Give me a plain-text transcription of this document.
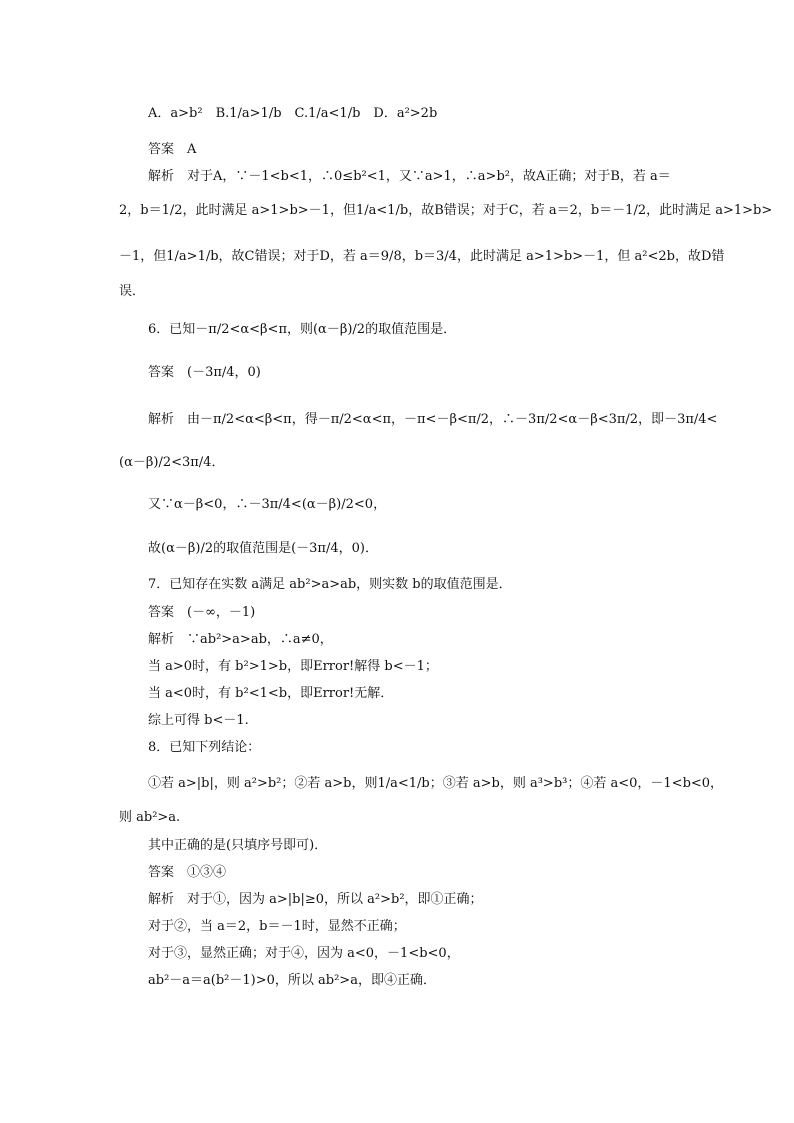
A．a>b²　B.1/a>1/b　C.1/a<1/b　D．a²>2b
答案　A
解析　对于A，∵－1<b<1，∴0≤b²<1，又∵a>1，∴a>b²，故A正确；对于B，若 a＝
2，b＝1/2，此时满足 a>1>b>－1，但1/a<1/b，故B错误；对于C，若 a＝2，b＝－1/2，此时满足 a>1>b>
－1，但1/a>1/b，故C错误；对于D，若 a＝9/8，b＝3/4，此时满足 a>1>b>－1，但 a²<2b，故D错
误．
6．已知－π/2<α<β<π，则(α－β)/2的取值范围是．
答案　(－3π/4，0)
解析　由－π/2<α<β<π，得－π/2<α<π，－π<－β<π/2，∴－3π/2<α－β<3π/2，即－3π/4<
(α－β)/2<3π/4．
又∵α－β<0，∴－3π/4<(α－β)/2<0，
故(α－β)/2的取值范围是(－3π/4，0)．
7．已知存在实数 a满足 ab²>a>ab，则实数 b的取值范围是．
答案　(－∞，－1)
解析　∵ab²>a>ab，∴a≠0，
当 a>0时，有 b²>1>b，即Error!解得 b<－1；
当 a<0时，有 b²<1<b，即Error!无解．
综上可得 b<－1.
8．已知下列结论：
①若 a>|b|，则 a²>b²；②若 a>b，则1/a<1/b；③若 a>b，则 a³>b³；④若 a<0，－1<b<0，
则 ab²>a.
其中正确的是(只填序号即可)．
答案　①③④
解析　对于①，因为 a>|b|≥0，所以 a²>b²，即①正确；
对于②，当 a＝2，b＝－1时，显然不正确；
对于③，显然正确；对于④，因为 a<0，－1<b<0，
ab²－a＝a(b²－1)>0，所以 ab²>a，即④正确．
